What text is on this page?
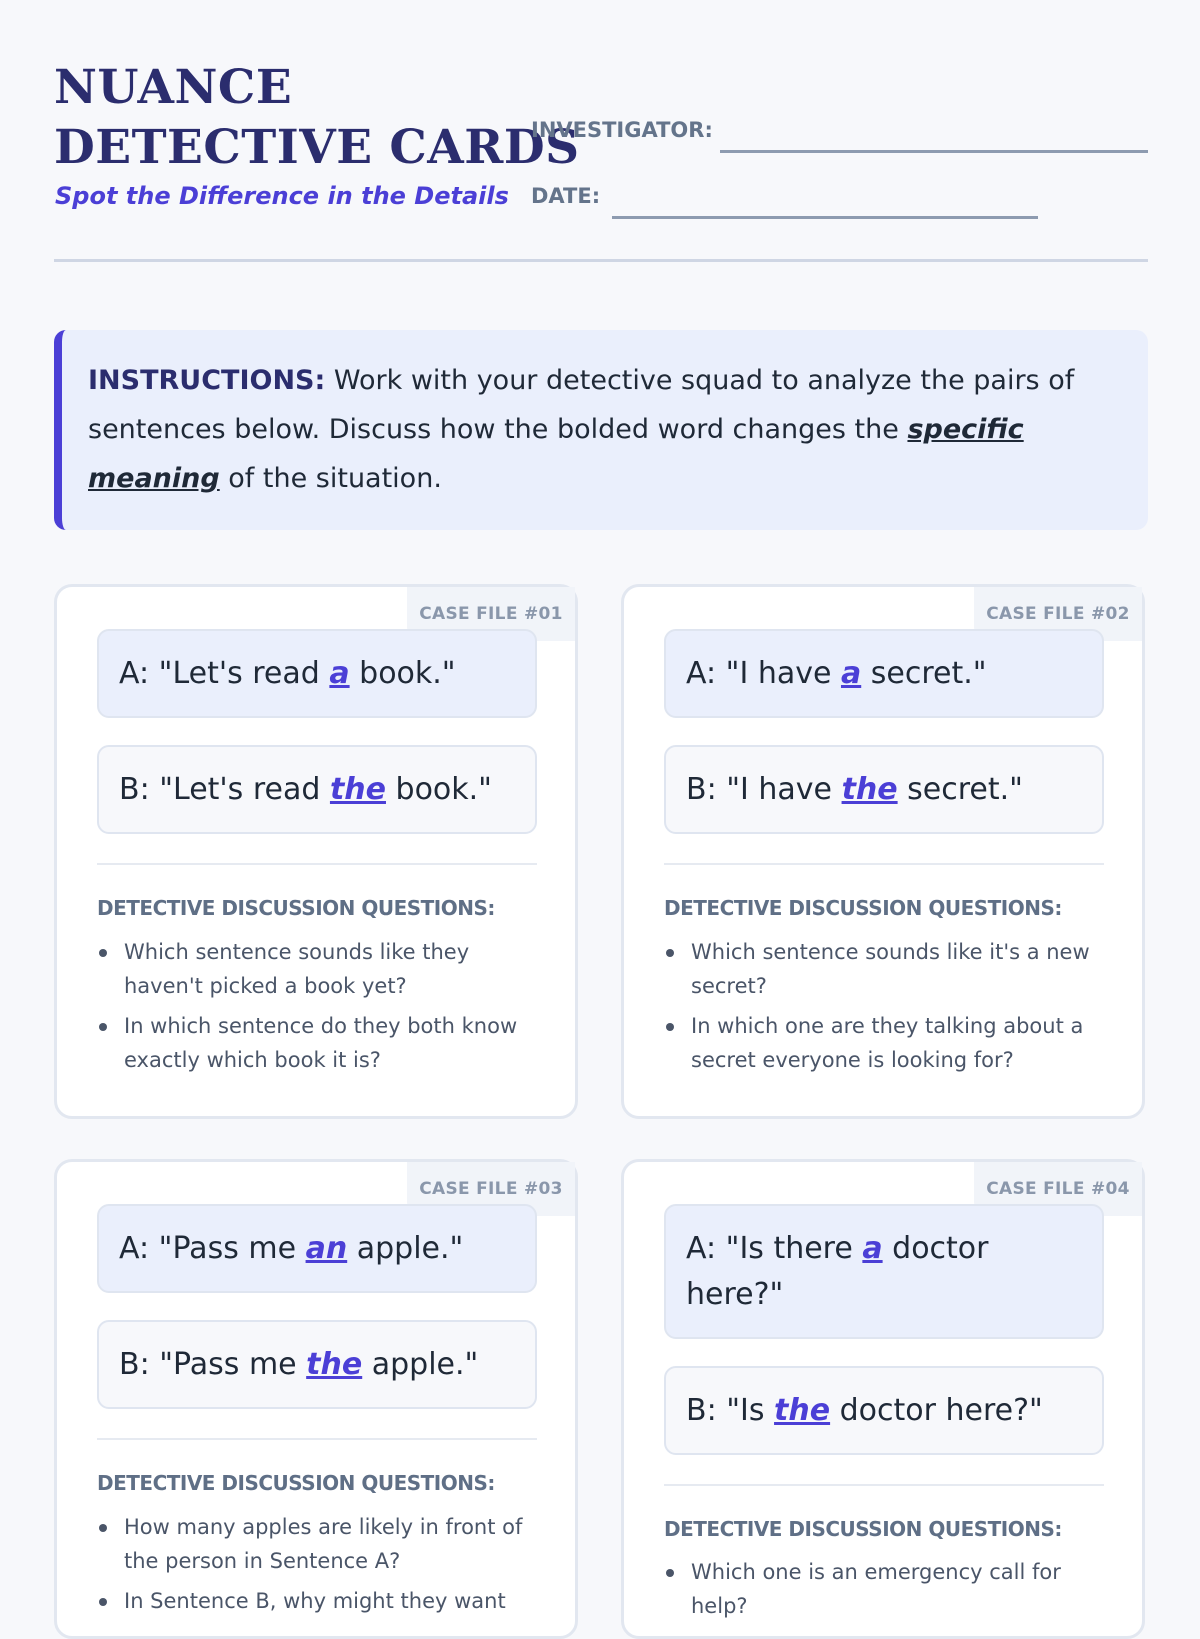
NUANCE
DETECTIVE CARDS
Spot the Difference in the Details
INVESTIGATOR:
DATE:
INSTRUCTIONS: Work with your detective squad to analyze the pairs of sentences below. Discuss how the bolded word changes the specific meaning of the situation.
CASE FILE #01
A: "Let's read a book."
B: "Let's read the book."
DETECTIVE DISCUSSION QUESTIONS:
Which sentence sounds like they haven't picked a book yet?
In which sentence do they both know exactly which book it is?
CASE FILE #02
A: "I have a secret."
B: "I have the secret."
DETECTIVE DISCUSSION QUESTIONS:
Which sentence sounds like it's a new secret?
In which one are they talking about a secret everyone is looking for?
CASE FILE #03
A: "Pass me an apple."
B: "Pass me the apple."
DETECTIVE DISCUSSION QUESTIONS:
How many apples are likely in front of the person in Sentence A?
In Sentence B, why might they want
CASE FILE #04
A: "Is there a doctor here?"
B: "Is the doctor here?"
DETECTIVE DISCUSSION QUESTIONS:
Which one is an emergency call for help?
